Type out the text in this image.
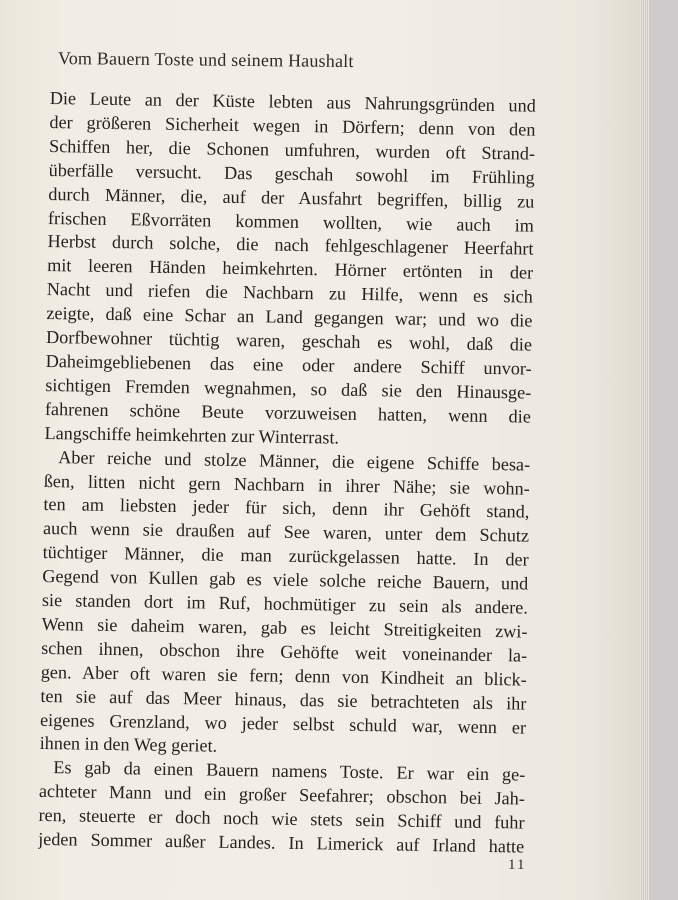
Vom Bauern Toste und seinem Haushalt
Die Leute an der Küste lebten aus Nahrungsgründen und
der größeren Sicherheit wegen in Dörfern; denn von den
Schiffen her, die Schonen umfuhren, wurden oft Strand-
überfälle versucht. Das geschah sowohl im Frühling
durch Männer, die, auf der Ausfahrt begriffen, billig zu
frischen Eßvorräten kommen wollten, wie auch im
Herbst durch solche, die nach fehlgeschlagener Heerfahrt
mit leeren Händen heimkehrten. Hörner ertönten in der
Nacht und riefen die Nachbarn zu Hilfe, wenn es sich
zeigte, daß eine Schar an Land gegangen war; und wo die
Dorfbewohner tüchtig waren, geschah es wohl, daß die
Daheimgebliebenen das eine oder andere Schiff unvor-
sichtigen Fremden wegnahmen, so daß sie den Hinausge-
fahrenen schöne Beute vorzuweisen hatten, wenn die
Langschiffe heimkehrten zur Winterrast.
Aber reiche und stolze Männer, die eigene Schiffe besa-
ßen, litten nicht gern Nachbarn in ihrer Nähe; sie wohn-
ten am liebsten jeder für sich, denn ihr Gehöft stand,
auch wenn sie draußen auf See waren, unter dem Schutz
tüchtiger Männer, die man zurückgelassen hatte. In der
Gegend von Kullen gab es viele solche reiche Bauern, und
sie standen dort im Ruf, hochmütiger zu sein als andere.
Wenn sie daheim waren, gab es leicht Streitigkeiten zwi-
schen ihnen, obschon ihre Gehöfte weit voneinander la-
gen. Aber oft waren sie fern; denn von Kindheit an blick-
ten sie auf das Meer hinaus, das sie betrachteten als ihr
eigenes Grenzland, wo jeder selbst schuld war, wenn er
ihnen in den Weg geriet.
Es gab da einen Bauern namens Toste. Er war ein ge-
achteter Mann und ein großer Seefahrer; obschon bei Jah-
ren, steuerte er doch noch wie stets sein Schiff und fuhr
jeden Sommer außer Landes. In Limerick auf Irland hatte
11
